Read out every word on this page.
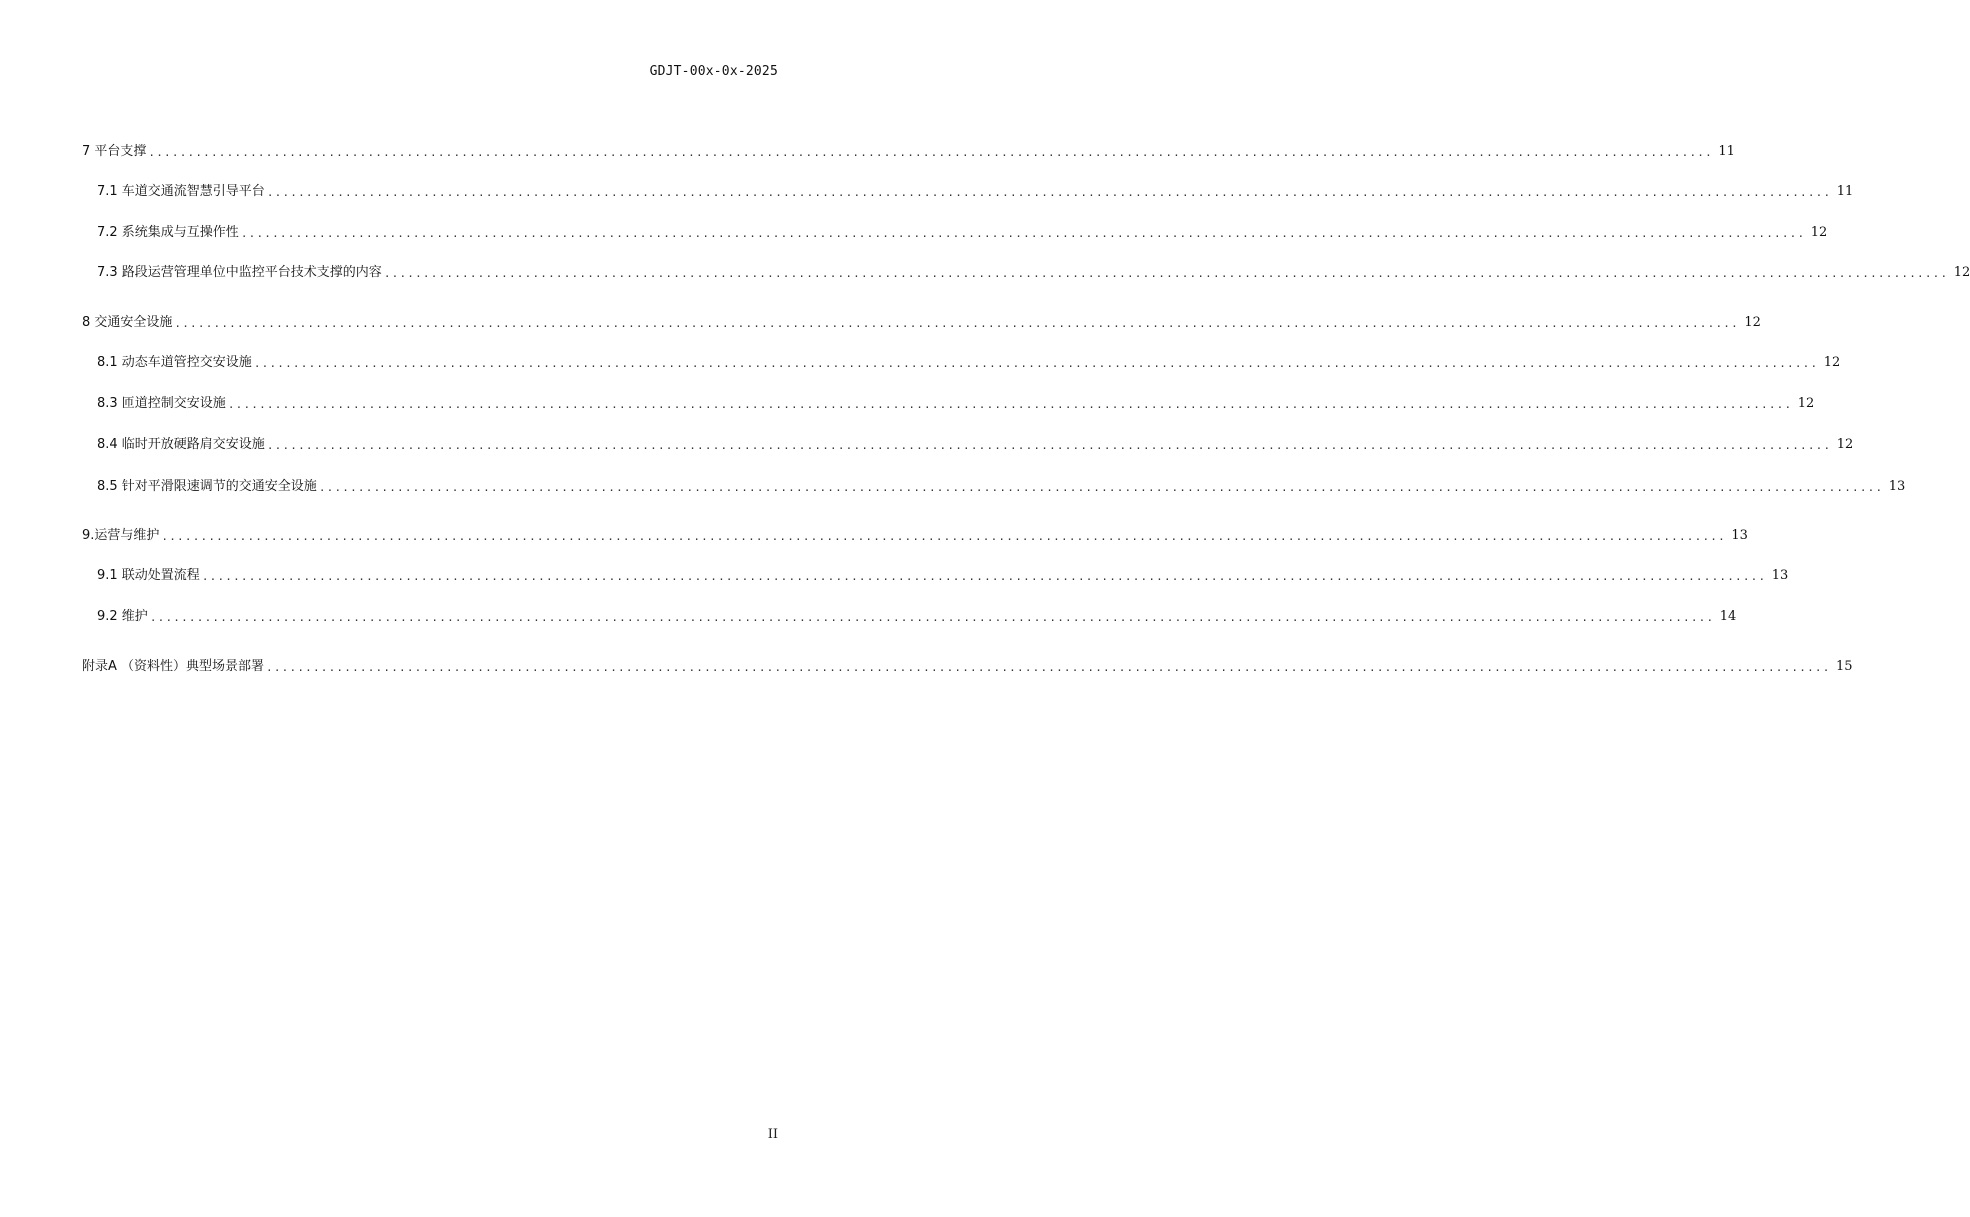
GDJT-00x-0x-2025
7 平台支撑 ........................................................................................................................................................................................................ 11
7.1 车道交通流智慧引导平台 ........................................................................................................................................................................................................ 11
7.2 系统集成与互操作性 ........................................................................................................................................................................................................ 12
7.3 路段运营管理单位中监控平台技术支撑的内容 ........................................................................................................................................................................................................ 12
8 交通安全设施 ........................................................................................................................................................................................................ 12
8.1 动态车道管控交安设施 ........................................................................................................................................................................................................ 12
8.3 匝道控制交安设施 ........................................................................................................................................................................................................ 12
8.4 临时开放硬路肩交安设施 ........................................................................................................................................................................................................ 12
8.5 针对平滑限速调节的交通安全设施 ........................................................................................................................................................................................................ 13
9.运营与维护 ........................................................................................................................................................................................................ 13
9.1 联动处置流程 ........................................................................................................................................................................................................ 13
9.2 维护 ........................................................................................................................................................................................................ 14
附录A （资料性）典型场景部署 ........................................................................................................................................................................................................ 15
II
